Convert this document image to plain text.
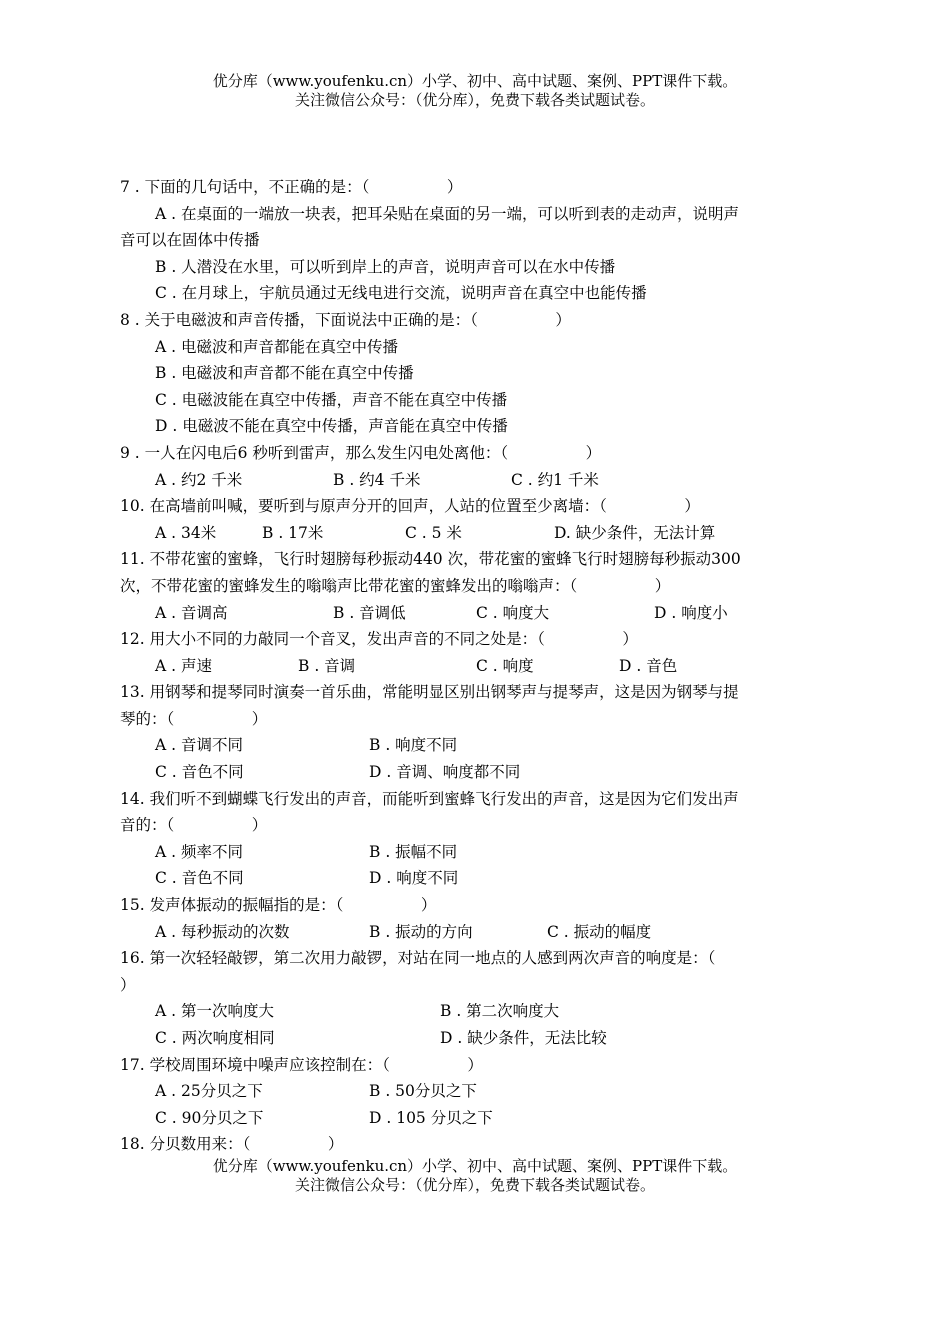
优分库（www.youfenku.cn）小学、初中、高中试题、案例、PPT课件下载。
关注微信公众号：（优分库），免费下载各类试题试卷。
7 . 下面的几句话中，不正确的是：（　　　　　）
A . 在桌面的一端放一块表，把耳朵贴在桌面的另一端，可以听到表的走动声，说明声
音可以在固体中传播
B . 人潜没在水里，可以听到岸上的声音，说明声音可以在水中传播
C . 在月球上，宇航员通过无线电进行交流，说明声音在真空中也能传播
8 . 关于电磁波和声音传播，下面说法中正确的是：（　　　　　）
A . 电磁波和声音都能在真空中传播
B . 电磁波和声音都不能在真空中传播
C . 电磁波能在真空中传播，声音不能在真空中传播
D . 电磁波不能在真空中传播，声音能在真空中传播
9 . 一人在闪电后6 秒听到雷声，那么发生闪电处离他：（　　　　　）
A . 约2 千米	B . 约4 千米	C . 约1 千米
10. 在高墙前叫喊，要听到与原声分开的回声，人站的位置至少离墙：（　　　　　）
A . 34米	B . 17米	C . 5 米	D. 缺少条件，无法计算
11. 不带花蜜的蜜蜂，飞行时翅膀每秒振动440 次，带花蜜的蜜蜂飞行时翅膀每秒振动300
次，不带花蜜的蜜蜂发生的嗡嗡声比带花蜜的蜜蜂发出的嗡嗡声：（　　　　　）
A . 音调高	B . 音调低	C . 响度大	D . 响度小
12. 用大小不同的力敲同一个音叉，发出声音的不同之处是：（　　　　　）
A . 声速	B . 音调	C . 响度	D . 音色
13. 用钢琴和提琴同时演奏一首乐曲，常能明显区别出钢琴声与提琴声，这是因为钢琴与提
琴的：（　　　　　）
A . 音调不同	B . 响度不同
C . 音色不同	D . 音调、响度都不同
14. 我们听不到蝴蝶飞行发出的声音，而能听到蜜蜂飞行发出的声音，这是因为它们发出声
音的：（　　　　　）
A . 频率不同	B . 振幅不同
C . 音色不同	D . 响度不同
15. 发声体振动的振幅指的是：（　　　　　）
A . 每秒振动的次数	B . 振动的方向	C . 振动的幅度
16. 第一次轻轻敲锣，第二次用力敲锣，对站在同一地点的人感到两次声音的响度是：（
）
A . 第一次响度大	B . 第二次响度大
C . 两次响度相同	D . 缺少条件，无法比较
17. 学校周围环境中噪声应该控制在：（　　　　　）
A . 25分贝之下	B . 50分贝之下
C . 90分贝之下	D . 105 分贝之下
18. 分贝数用来：（　　　　　）
优分库（www.youfenku.cn）小学、初中、高中试题、案例、PPT课件下载。
关注微信公众号：（优分库），免费下载各类试题试卷。
